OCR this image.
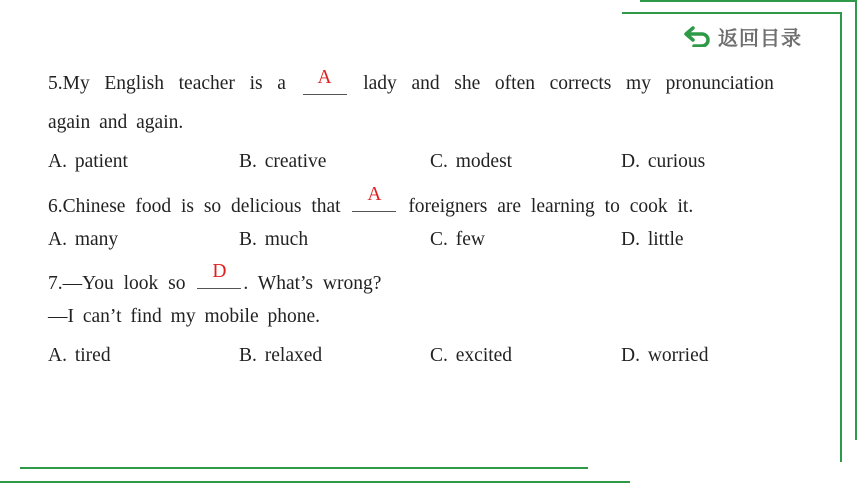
返回目录
5.My English teacher is a	A	lady and she often corrects my pronunciation
again and again.
A. patient	B. creative	C. modest	D. curious
6.Chinese food is so delicious that
A
foreigners are learning to cook it.
A. many	B. much	C. few	D. little
7.—You look so
D
. What’s wrong?
—I can’t find my mobile phone.
A. tired	B. relaxed	C. excited	D. worried
